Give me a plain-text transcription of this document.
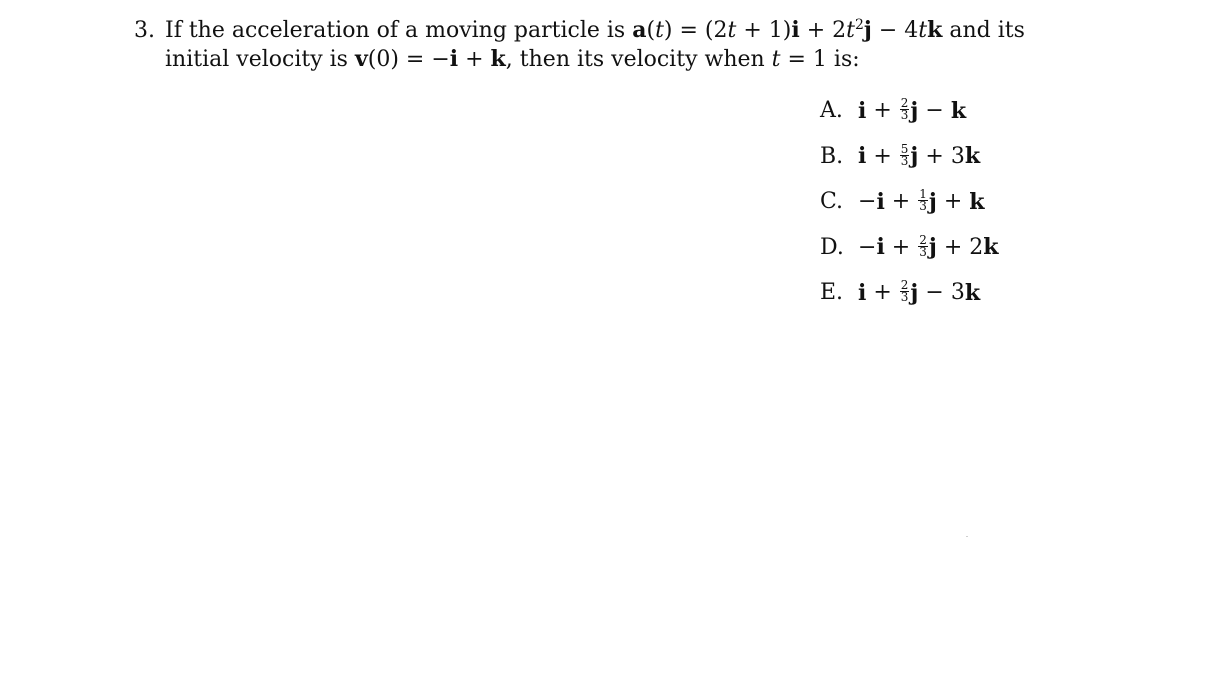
3. If the acceleration of a moving particle is $a(t) = (2t + 1)i + 2t^2j - 4tk$ and its
initial velocity is v(0) = −i + k, then its velocity when t = 1 is:
A. $i + \frac{2}{3}$ j − k
B. $i + \frac{5}{3}$ j + 3 k
C. − $i + \frac{1}{3}$ j + k
D. − $i + \frac{2}{3}$ j + 2 k
E. $i + \frac{2}{3}$ j − 3 k
